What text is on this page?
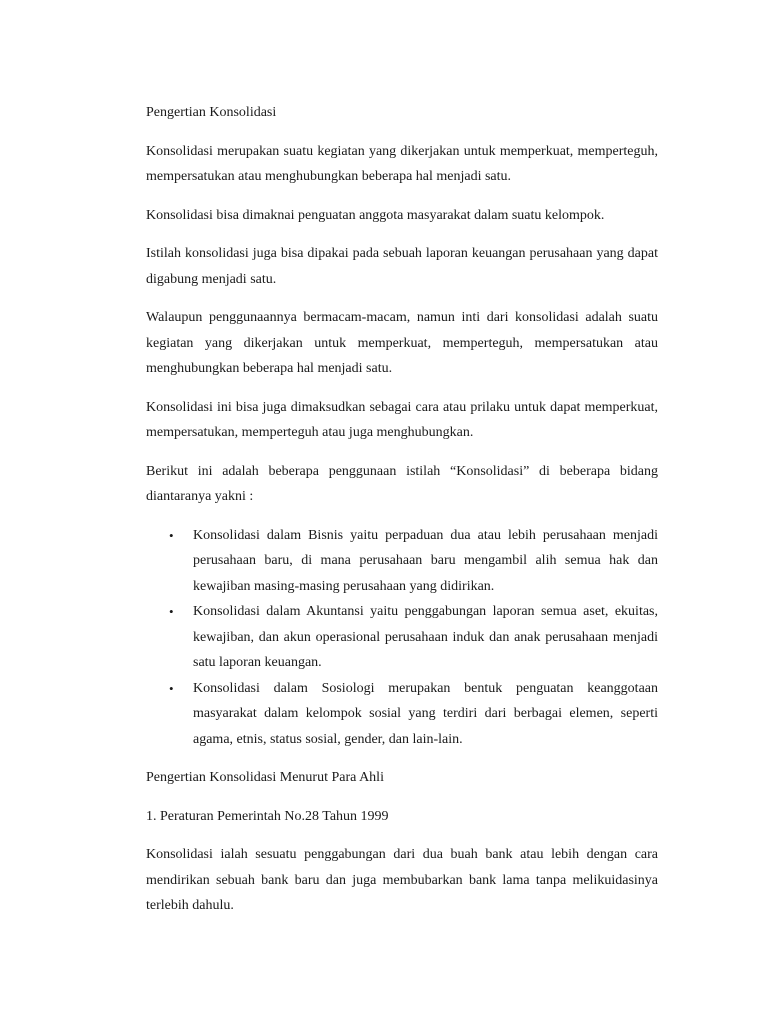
Pengertian Konsolidasi

Konsolidasi merupakan suatu kegiatan yang dikerjakan untuk memperkuat, memperteguh, mempersatukan atau menghubungkan beberapa hal menjadi satu.

Konsolidasi bisa dimaknai penguatan anggota masyarakat dalam suatu kelompok.

Istilah konsolidasi juga bisa dipakai pada sebuah laporan keuangan perusahaan yang dapat digabung menjadi satu.

Walaupun penggunaannya bermacam-macam, namun inti dari konsolidasi adalah suatu kegiatan yang dikerjakan untuk memperkuat, memperteguh, mempersatukan atau menghubungkan beberapa hal menjadi satu.

Konsolidasi ini bisa juga dimaksudkan sebagai cara atau prilaku untuk dapat memperkuat, mempersatukan, memperteguh atau juga menghubungkan.

Berikut ini adalah beberapa penggunaan istilah “Konsolidasi” di beberapa bidang diantaranya yakni :

• Konsolidasi dalam Bisnis yaitu perpaduan dua atau lebih perusahaan menjadi perusahaan baru, di mana perusahaan baru mengambil alih semua hak dan kewajiban masing-masing perusahaan yang didirikan.
• Konsolidasi dalam Akuntansi yaitu penggabungan laporan semua aset, ekuitas, kewajiban, dan akun operasional perusahaan induk dan anak perusahaan menjadi satu laporan keuangan.
• Konsolidasi dalam Sosiologi merupakan bentuk penguatan keanggotaan masyarakat dalam kelompok sosial yang terdiri dari berbagai elemen, seperti agama, etnis, status sosial, gender, dan lain-lain.

Pengertian Konsolidasi Menurut Para Ahli

1. Peraturan Pemerintah No.28 Tahun 1999

Konsolidasi ialah sesuatu penggabungan dari dua buah bank atau lebih dengan cara mendirikan sebuah bank baru dan juga membubarkan bank lama tanpa melikuidasinya terlebih dahulu.
